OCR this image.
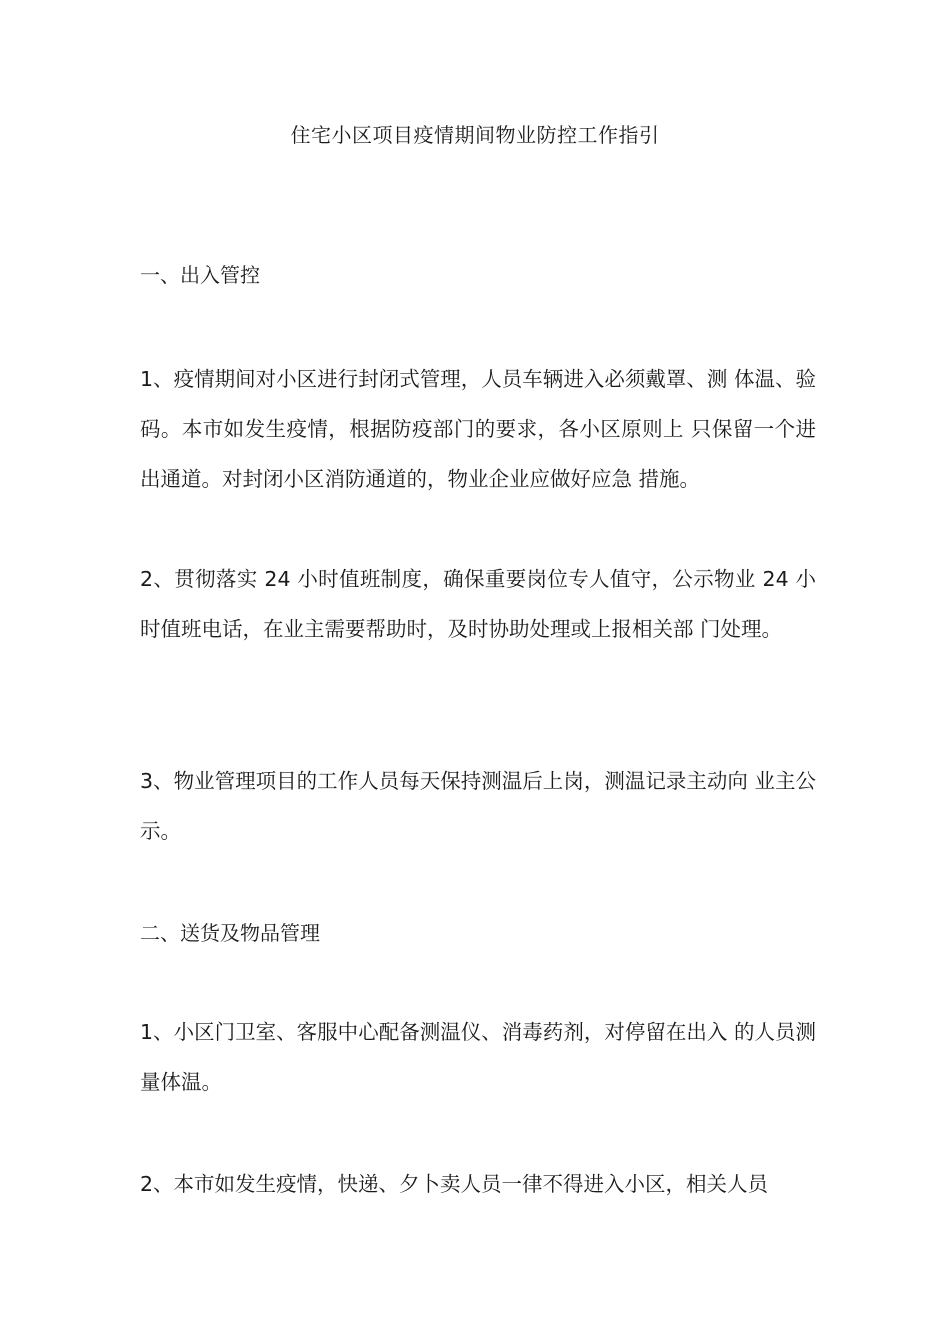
住宅小区项目疫情期间物业防控工作指引
一、出入管控

1、疫情期间对小区进行封闭式管理，人员车辆进入必须戴罩、测 体温、验码。本市如发生疫情，根据防疫部门的要求，各小区原则上 只保留一个进出通道。对封闭小区消防通道的，物业企业应做好应急 措施。

2、贯彻落实 24 小时值班制度，确保重要岗位专人值守，公示物业 24 小时值班电话，在业主需要帮助时，及时协助处理或上报相关部 门处理。

3、物业管理项目的工作人员每天保持测温后上岗，测温记录主动向 业主公示。

二、送货及物品管理

1、小区门卫室、客服中心配备测温仪、消毒药剂，对停留在出入 的人员测量体温。

2、本市如发生疫情，快递、夕卜卖人员一律不得进入小区，相关人员
